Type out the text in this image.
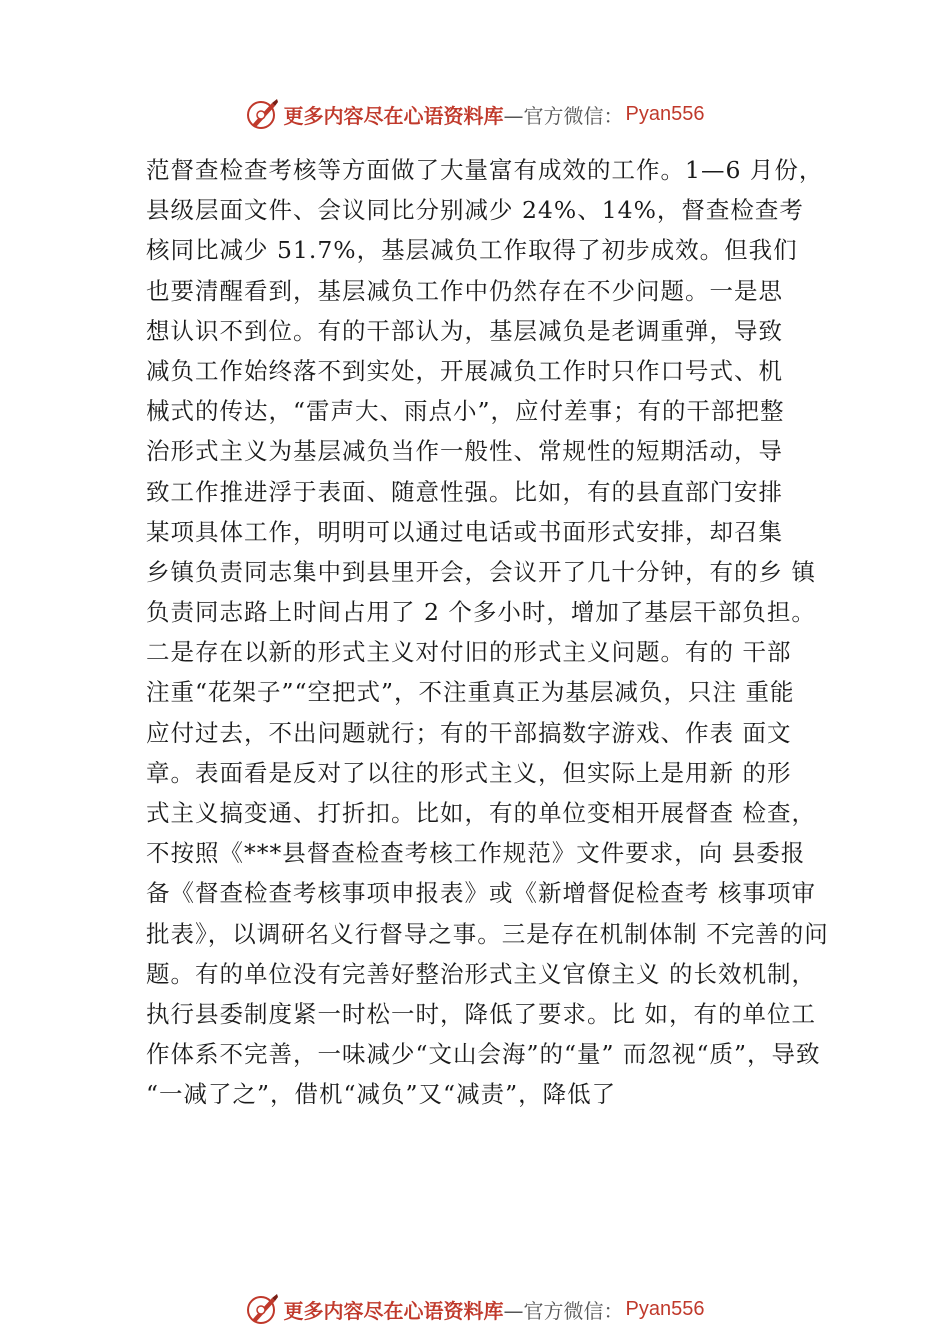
更多内容尽在心语资料库 —官方微信： Pyan556
范督查检查考核等方面做了大量富有成效的工作。1—6 月份，
县级层面文件、会议同比分别减少 24%、14%，督查检查考
核同比减少 51.7%，基层减负工作取得了初步成效。但我们
也要清醒看到，基层减负工作中仍然存在不少问题。一是思
想认识不到位。有的干部认为，基层减负是老调重弹，导致
减负工作始终落不到实处，开展减负工作时只作口号式、机
械式的传达，“雷声大、雨点小”，应付差事；有的干部把整
治形式主义为基层减负当作一般性、常规性的短期活动，导
致工作推进浮于表面、随意性强。比如，有的县直部门安排
某项具体工作，明明可以通过电话或书面形式安排，却召集
乡镇负责同志集中到县里开会，会议开了几十分钟，有的乡 镇
负责同志路上时间占用了 2 个多小时，增加了基层干部负担。
二是存在以新的形式主义对付旧的形式主义问题。有的 干部
注重“花架子”“空把式”，不注重真正为基层减负，只注 重能
应付过去，不出问题就行；有的干部搞数字游戏、作表 面文
章。表面看是反对了以往的形式主义，但实际上是用新 的形
式主义搞变通、打折扣。比如，有的单位变相开展督查 检查，
不按照《***县督查检查考核工作规范》文件要求，向 县委报
备《督查检查考核事项申报表》或《新增督促检查考 核事项审
批表》，以调研名义行督导之事。三是存在机制体制 不完善的问
题。有的单位没有完善好整治形式主义官僚主义 的长效机制，
执行县委制度紧一时松一时，降低了要求。比 如，有的单位工
作体系不完善，一味减少“文山会海”的“量” 而忽视“质”，导致
“一减了之”，借机“减负”又“减责”，降低了
更多内容尽在心语资料库 —官方微信： Pyan556
